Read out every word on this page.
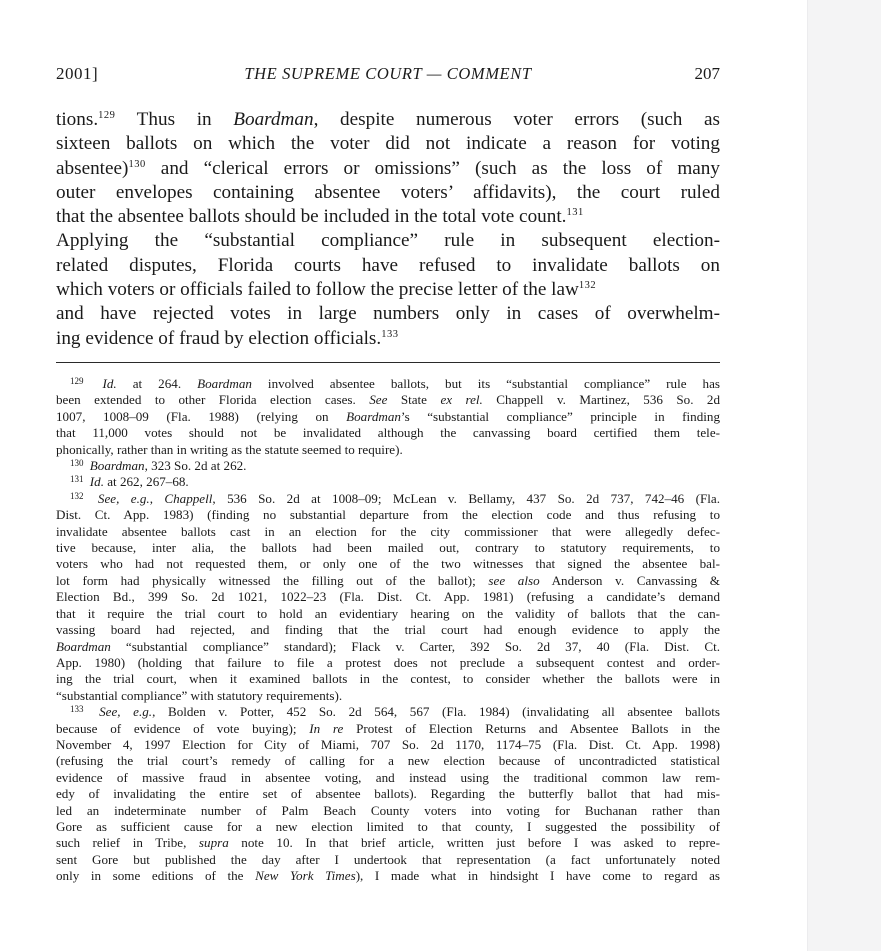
2001]	THE SUPREME COURT — COMMENT	207
tions.$^{129}$ Thus in Boardman, despite numerous voter errors (such as
sixteen ballots on which the voter did not indicate a reason for voting
absentee)$^{130}$ and “clerical errors or omissions” (such as the loss of many
outer envelopes containing absentee voters’ affidavits), the court ruled
that the absentee ballots should be included in the total vote count.$^{131}$
Applying the “substantial compliance” rule in subsequent election-
related disputes, Florida courts have refused to invalidate ballots on
which voters or officials failed to follow the precise letter of the law$^{132}$
and have rejected votes in large numbers only in cases of overwhelm-
ing evidence of fraud by election officials.$^{133}$
$^{129}$ Id. at 264. Boardman involved absentee ballots, but its “substantial compliance” rule has
been extended to other Florida election cases. See State ex rel. Chappell v. Martinez, 536 So. 2d
1007, 1008–09 (Fla. 1988) (relying on Boardman’s “substantial compliance” principle in finding
that 11,000 votes should not be invalidated although the canvassing board certified them tele-
phonically, rather than in writing as the statute seemed to require).
$^{130}$ Boardman, 323 So. 2d at 262.
$^{131}$ Id. at 262, 267–68.
$^{132}$ See, e.g., Chappell, 536 So. 2d at 1008–09; McLean v. Bellamy, 437 So. 2d 737, 742–46 (Fla.
Dist. Ct. App. 1983) (finding no substantial departure from the election code and thus refusing to
invalidate absentee ballots cast in an election for the city commissioner that were allegedly defec-
tive because, inter alia, the ballots had been mailed out, contrary to statutory requirements, to
voters who had not requested them, or only one of the two witnesses that signed the absentee bal-
lot form had physically witnessed the filling out of the ballot); see also Anderson v. Canvassing &
Election Bd., 399 So. 2d 1021, 1022–23 (Fla. Dist. Ct. App. 1981) (refusing a candidate’s demand
that it require the trial court to hold an evidentiary hearing on the validity of ballots that the can-
vassing board had rejected, and finding that the trial court had enough evidence to apply the
Boardman “substantial compliance” standard); Flack v. Carter, 392 So. 2d 37, 40 (Fla. Dist. Ct.
App. 1980) (holding that failure to file a protest does not preclude a subsequent contest and order-
ing the trial court, when it examined ballots in the contest, to consider whether the ballots were in
“substantial compliance” with statutory requirements).
$^{133}$ See, e.g., Bolden v. Potter, 452 So. 2d 564, 567 (Fla. 1984) (invalidating all absentee ballots
because of evidence of vote buying); In re Protest of Election Returns and Absentee Ballots in the
November 4, 1997 Election for City of Miami, 707 So. 2d 1170, 1174–75 (Fla. Dist. Ct. App. 1998)
(refusing the trial court’s remedy of calling for a new election because of uncontradicted statistical
evidence of massive fraud in absentee voting, and instead using the traditional common law rem-
edy of invalidating the entire set of absentee ballots). Regarding the butterfly ballot that had mis-
led an indeterminate number of Palm Beach County voters into voting for Buchanan rather than
Gore as sufficient cause for a new election limited to that county, I suggested the possibility of
such relief in Tribe, supra note 10. In that brief article, written just before I was asked to repre-
sent Gore but published the day after I undertook that representation (a fact unfortunately noted
only in some editions of the New York Times), I made what in hindsight I have come to regard as
